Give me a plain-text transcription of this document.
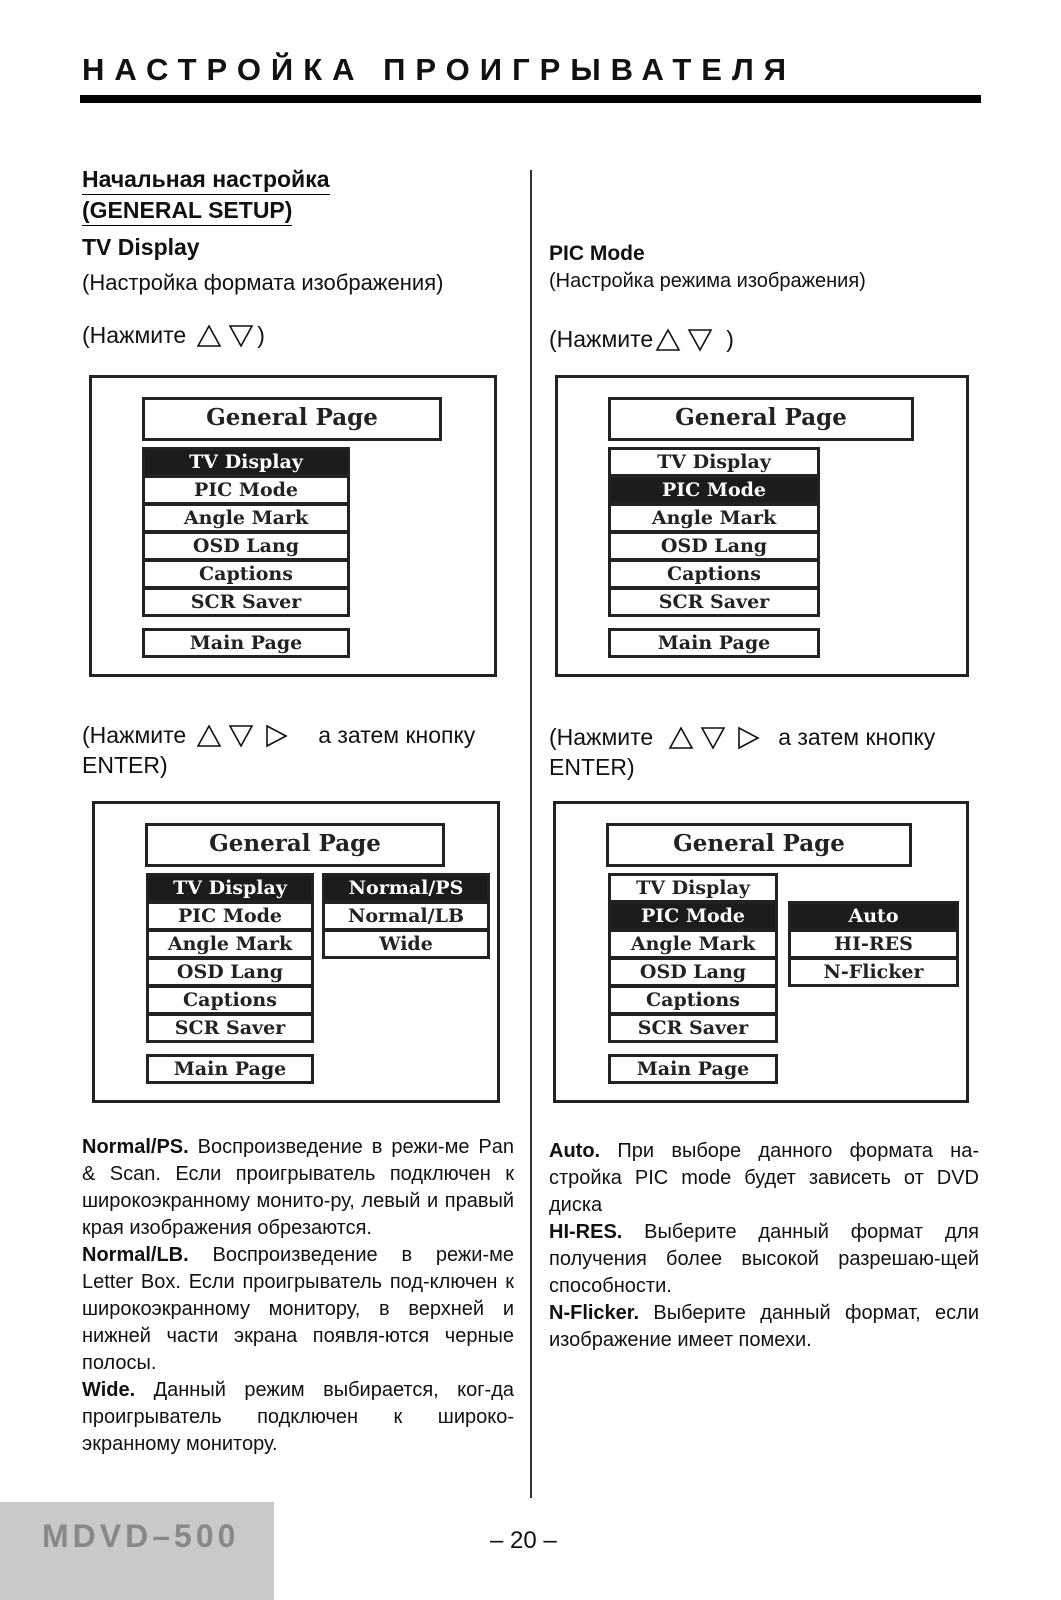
НАСТРОЙКА ПРОИГРЫВАТЕЛЯ
Начальная настройка
(GENERAL SETUP)
TV Display
(Настройка формата изображения)
(Нажмите	)
General Page
TV Display
PIC Mode
Angle Mark
OSD Lang
Captions
SCR Saver
Main Page
(Нажмите	а затем кнопку
ENTER)
General Page
TV Display
PIC Mode
Angle Mark
OSD Lang
Captions
SCR Saver
Main Page
Normal/PS
Normal/LB
Wide
Normal/PS. Воспроизведение в режи-ме Pan & Scan. Если проигрыватель подключен к широкоэкранному монито-ру, левый и правый края изображения обрезаются.
Normal/LB. Воспроизведение в режи-ме Letter Box. Если проигрыватель под-ключен к широкоэкранному монитору, в верхней и нижней части экрана появля-ются черные полосы.
Wide. Данный режим выбирается, ког-да проигрыватель подключен к широко-экранному монитору.
PIC Mode
(Настройка режима изображения)
(Нажмите	)
General Page
TV Display
PIC Mode
Angle Mark
OSD Lang
Captions
SCR Saver
Main Page
(Нажмите	а затем кнопку
ENTER)
General Page
TV Display
PIC Mode
Angle Mark
OSD Lang
Captions
SCR Saver
Main Page
Auto
HI-RES
N-Flicker
Auto. При выборе данного формата на-стройка PIC mode будет зависеть от DVD диска
HI-RES. Выберите данный формат для получения более высокой разрешаю-щей способности.
N-Flicker. Выберите данный формат, если изображение имеет помехи.
MDVD–500	– 20 –
